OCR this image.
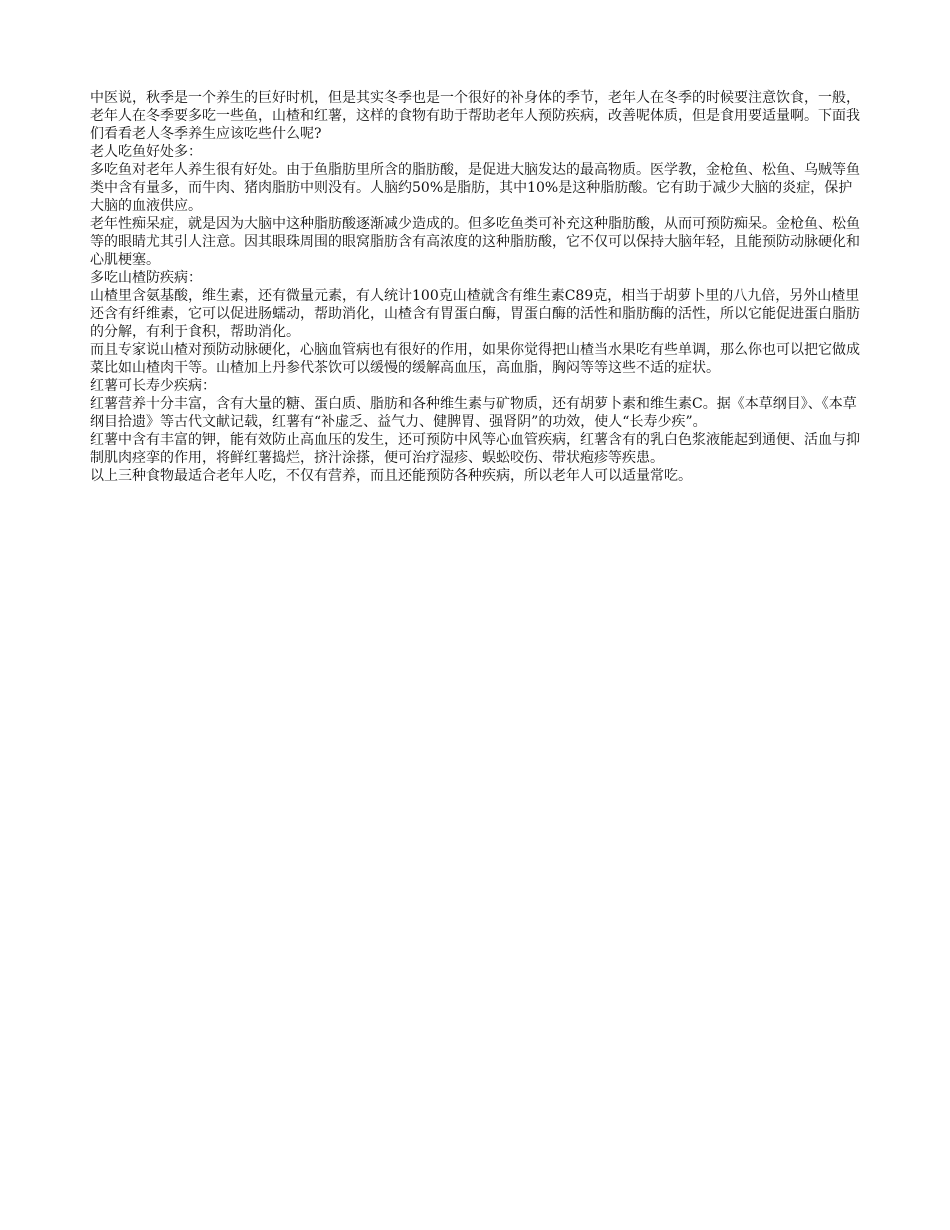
中医说，秋季是一个养生的巨好时机，但是其实冬季也是一个很好的补身体的季节，老年人在冬季的时候要注意饮食，一般，老年人在冬季要多吃一些鱼，山楂和红薯，这样的食物有助于帮助老年人预防疾病，改善呢体质，但是食用要适量啊。下面我们看看老人冬季养生应该吃些什么呢?

老人吃鱼好处多：

多吃鱼对老年人养生很有好处。由于鱼脂肪里所含的脂肪酸，是促进大脑发达的最高物质。医学教，金枪鱼、松鱼、乌贼等鱼类中含有量多，而牛肉、猪肉脂肪中则没有。人脑约50%是脂肪，其中10%是这种脂肪酸。它有助于减少大脑的炎症，保护大脑的血液供应。

老年性痴呆症，就是因为大脑中这种脂肪酸逐渐减少造成的。但多吃鱼类可补充这种脂肪酸，从而可预防痴呆。金枪鱼、松鱼等的眼睛尤其引人注意。因其眼珠周围的眼窝脂肪含有高浓度的这种脂肪酸，它不仅可以保持大脑年轻，且能预防动脉硬化和心肌梗塞。

多吃山楂防疾病：

山楂里含氨基酸，维生素，还有微量元素，有人统计100克山楂就含有维生素C89克，相当于胡萝卜里的八九倍，另外山楂里还含有纤维素，它可以促进肠蠕动，帮助消化，山楂含有胃蛋白酶，胃蛋白酶的活性和脂肪酶的活性，所以它能促进蛋白脂肪的分解，有利于食积，帮助消化。

而且专家说山楂对预防动脉硬化，心脑血管病也有很好的作用，如果你觉得把山楂当水果吃有些单调，那么你也可以把它做成菜比如山楂肉干等。山楂加上丹参代茶饮可以缓慢的缓解高血压，高血脂，胸闷等等这些不适的症状。

红薯可长寿少疾病：

红薯营养十分丰富，含有大量的糖、蛋白质、脂肪和各种维生素与矿物质，还有胡萝卜素和维生素C。据《本草纲目》、《本草纲目拾遗》等古代文献记载，红薯有“补虚乏、益气力、健脾胃、强肾阴”的功效，使人“长寿少疾”。

红薯中含有丰富的钾，能有效防止高血压的发生，还可预防中风等心血管疾病，红薯含有的乳白色浆液能起到通便、活血与抑制肌肉痉挛的作用，将鲜红薯捣烂，挤汁涂搽，便可治疗湿疹、蜈蚣咬伤、带状疱疹等疾患。

以上三种食物最适合老年人吃，不仅有营养，而且还能预防各种疾病，所以老年人可以适量常吃。
